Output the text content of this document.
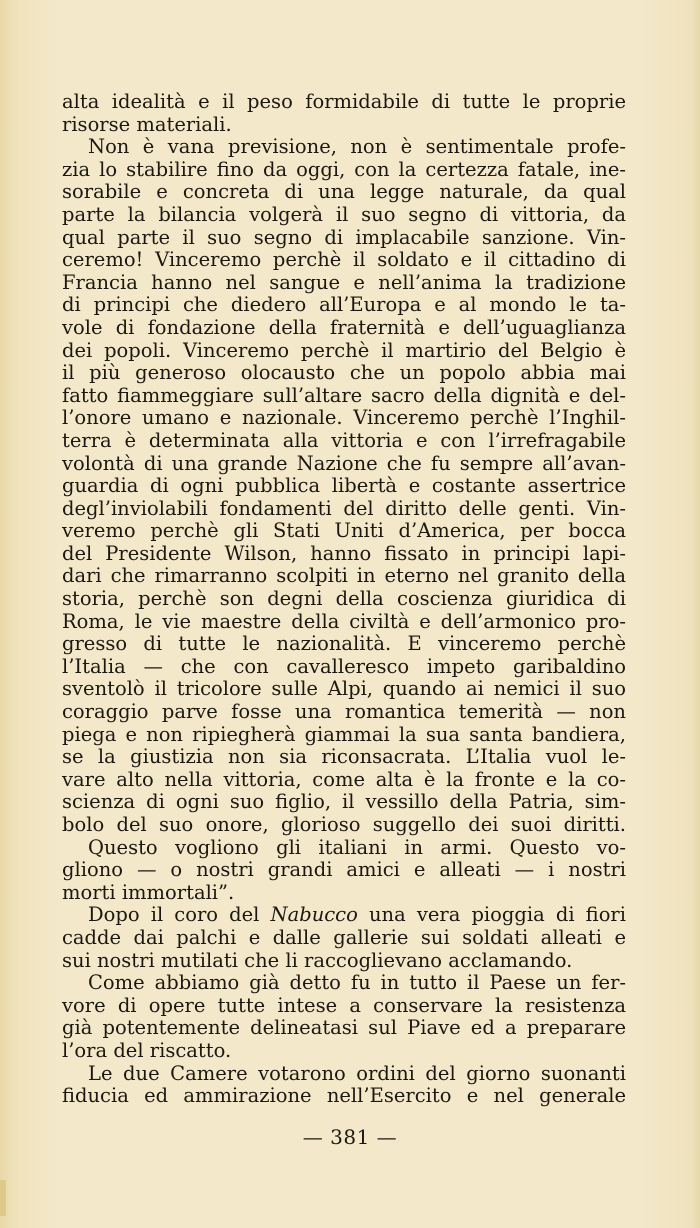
alta idealità e il peso formidabile di tutte le proprie
risorse materiali.
Non è vana previsione, non è sentimentale profe-
zia lo stabilire fino da oggi, con la certezza fatale, ine-
sorabile e concreta di una legge naturale, da qual
parte la bilancia volgerà il suo segno di vittoria, da
qual parte il suo segno di implacabile sanzione. Vin-
ceremo! Vinceremo perchè il soldato e il cittadino di
Francia hanno nel sangue e nell’anima la tradizione
di principi che diedero all’Europa e al mondo le ta-
vole di fondazione della fraternità e dell’uguaglianza
dei popoli. Vinceremo perchè il martirio del Belgio è
il più generoso olocausto che un popolo abbia mai
fatto fiammeggiare sull’altare sacro della dignità e del-
l’onore umano e nazionale. Vinceremo perchè l’Inghil-
terra è determinata alla vittoria e con l’irrefragabile
volontà di una grande Nazione che fu sempre all’avan-
guardia di ogni pubblica libertà e costante assertrice
degl’inviolabili fondamenti del diritto delle genti. Vin-
veremo perchè gli Stati Uniti d’America, per bocca
del Presidente Wilson, hanno fissato in principi lapi-
dari che rimarranno scolpiti in eterno nel granito della
storia, perchè son degni della coscienza giuridica di
Roma, le vie maestre della civiltà e dell’armonico pro-
gresso di tutte le nazionalità. E vinceremo perchè
l’Italia — che con cavalleresco impeto garibaldino
sventolò il tricolore sulle Alpi, quando ai nemici il suo
coraggio parve fosse una romantica temerità — non
piega e non ripiegherà giammai la sua santa bandiera,
se la giustizia non sia riconsacrata. L’Italia vuol le-
vare alto nella vittoria, come alta è la fronte e la co-
scienza di ogni suo figlio, il vessillo della Patria, sim-
bolo del suo onore, glorioso suggello dei suoi diritti.
Questo vogliono gli italiani in armi. Questo vo-
gliono — o nostri grandi amici e alleati — i nostri
morti immortali”.
Dopo il coro del Nabucco una vera pioggia di fiori
cadde dai palchi e dalle gallerie sui soldati alleati e
sui nostri mutilati che li raccoglievano acclamando.
Come abbiamo già detto fu in tutto il Paese un fer-
vore di opere tutte intese a conservare la resistenza
già potentemente delineatasi sul Piave ed a preparare
l’ora del riscatto.
Le due Camere votarono ordini del giorno suonanti
fiducia ed ammirazione nell’Esercito e nel generale
— 381 —
